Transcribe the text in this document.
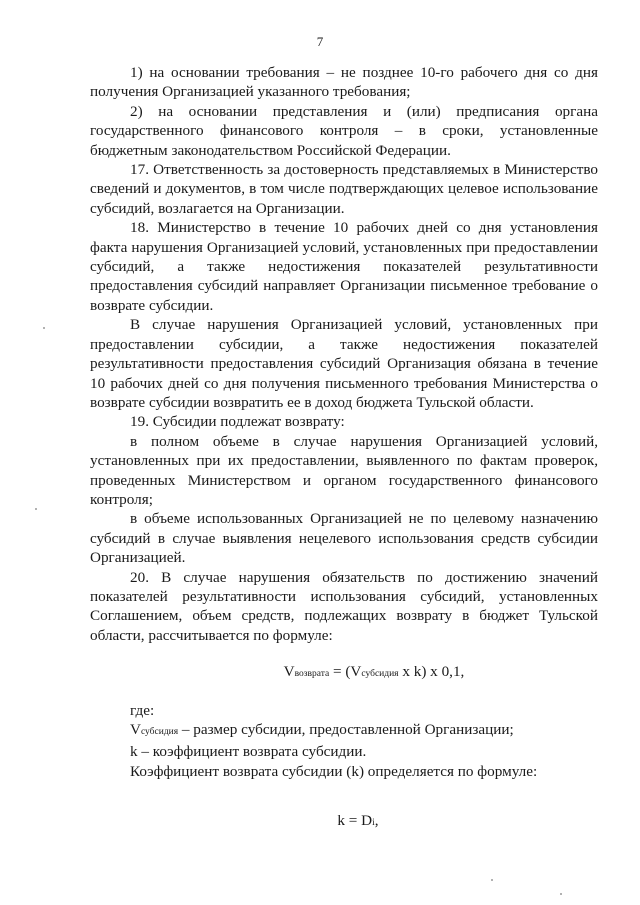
7

1) на основании требования – не позднее 10-го рабочего дня со дня получения Организацией указанного требования;

2) на основании представления и (или) предписания органа государственного финансового контроля – в сроки, установленные бюджетным законодательством Российской Федерации.

17. Ответственность за достоверность представляемых в Министерство сведений и документов, в том числе подтверждающих целевое использование субсидий, возлагается на Организации.

18. Министерство в течение 10 рабочих дней со дня установления факта нарушения Организацией условий, установленных при предоставлении субсидий, а также недостижения показателей результативности предоставления субсидий направляет Организации письменное требование о возврате субсидии.

В случае нарушения Организацией условий, установленных при предоставлении субсидии, а также недостижения показателей результативности предоставления субсидий Организация обязана в течение 10 рабочих дней со дня получения письменного требования Министерства о возврате субсидии возвратить ее в доход бюджета Тульской области.

19. Субсидии подлежат возврату:

в полном объеме в случае нарушения Организацией условий, установленных при их предоставлении, выявленного по фактам проверок, проведенных Министерством и органом государственного финансового контроля;

в объеме использованных Организацией не по целевому назначению субсидий в случае выявления нецелевого использования средств субсидии Организацией.

20. В случае нарушения обязательств по достижению значений показателей результативности использования субсидий, установленных Соглашением, объем средств, подлежащих возврату в бюджет Тульской области, рассчитывается по формуле:

Vвозврата = (Vсубсидия x k) x 0,1,

где:

Vсубсидия – размер субсидии, предоставленной Организации;

k – коэффициент возврата субсидии.

Коэффициент возврата субсидии (k) определяется по формуле:

k = Di,
